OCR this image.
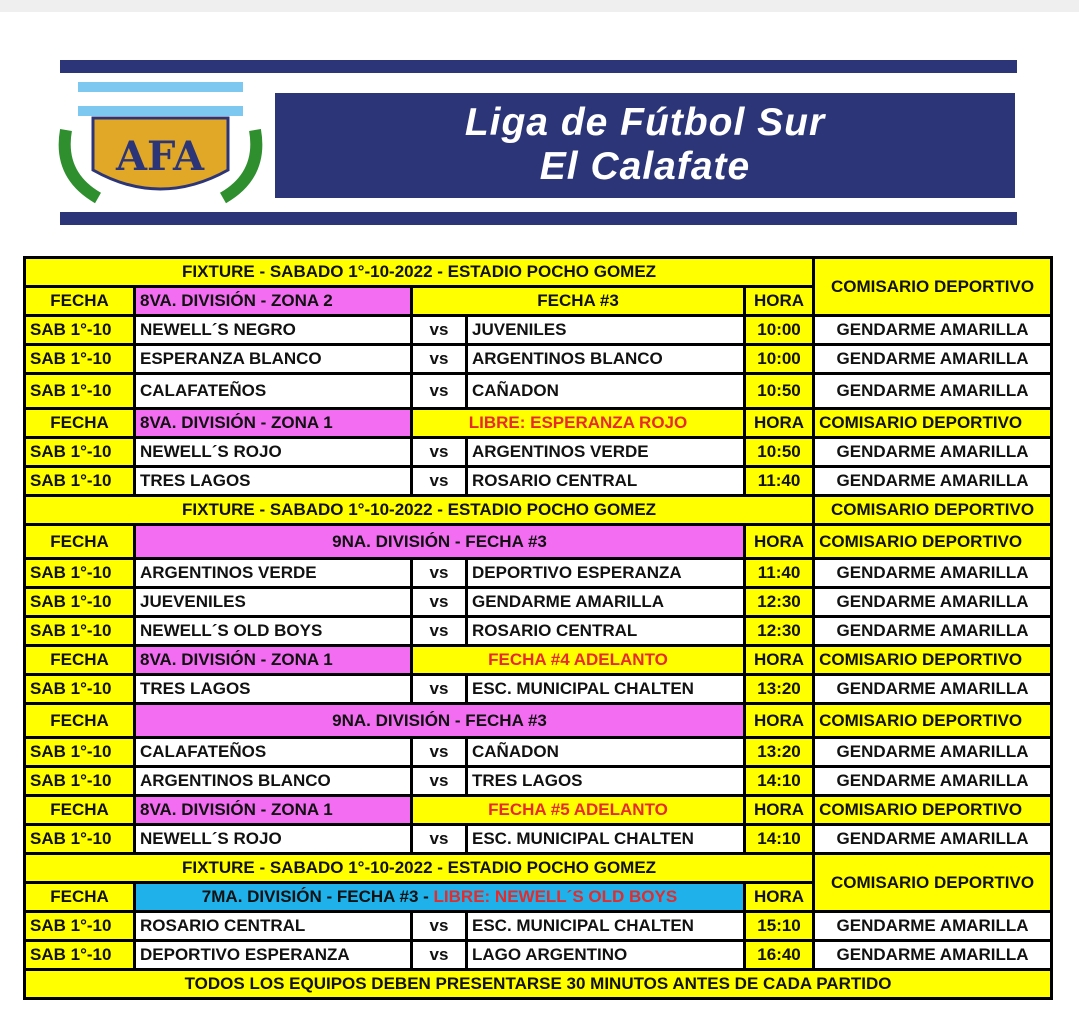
AFA
Liga de Fútbol Sur
El Calafate
FIXTURE - SABADO 1°-10-2022 - ESTADIO POCHO GOMEZ					COMISARIO DEPORTIVO
FECHA	8VA. DIVISIÓN - ZONA 2	FECHA #3		HORA	
SAB 1°-10	NEWELL´S NEGRO	vs	JUVENILES	10:00	GENDARME AMARILLA
SAB 1°-10	ESPERANZA BLANCO	vs	ARGENTINOS BLANCO	10:00	GENDARME AMARILLA
SAB 1°-10	CALAFATEÑOS	vs	CAÑADON	10:50	GENDARME AMARILLA
FECHA	8VA. DIVISIÓN - ZONA 1	LIBRE: ESPERANZA ROJO		HORA	COMISARIO DEPORTIVO
SAB 1°-10	NEWELL´S ROJO	vs	ARGENTINOS VERDE	10:50	GENDARME AMARILLA
SAB 1°-10	TRES LAGOS	vs	ROSARIO CENTRAL	11:40	GENDARME AMARILLA
FIXTURE - SABADO 1°-10-2022 - ESTADIO POCHO GOMEZ					COMISARIO DEPORTIVO
FECHA	9NA. DIVISIÓN - FECHA #3			HORA	COMISARIO DEPORTIVO
SAB 1°-10	ARGENTINOS VERDE	vs	DEPORTIVO ESPERANZA	11:40	GENDARME AMARILLA
SAB 1°-10	JUEVENILES	vs	GENDARME AMARILLA	12:30	GENDARME AMARILLA
SAB 1°-10	NEWELL´S OLD BOYS	vs	ROSARIO CENTRAL	12:30	GENDARME AMARILLA
FECHA	8VA. DIVISIÓN - ZONA 1	FECHA #4 ADELANTO		HORA	COMISARIO DEPORTIVO
SAB 1°-10	TRES LAGOS	vs	ESC. MUNICIPAL CHALTEN	13:20	GENDARME AMARILLA
FECHA	9NA. DIVISIÓN - FECHA #3			HORA	COMISARIO DEPORTIVO
SAB 1°-10	CALAFATEÑOS	vs	CAÑADON	13:20	GENDARME AMARILLA
SAB 1°-10	ARGENTINOS BLANCO	vs	TRES LAGOS	14:10	GENDARME AMARILLA
FECHA	8VA. DIVISIÓN - ZONA 1	FECHA #5 ADELANTO		HORA	COMISARIO DEPORTIVO
SAB 1°-10	NEWELL´S ROJO	vs	ESC. MUNICIPAL CHALTEN	14:10	GENDARME AMARILLA
FIXTURE - SABADO 1°-10-2022 - ESTADIO POCHO GOMEZ					COMISARIO DEPORTIVO
FECHA	7MA. DIVISIÓN - FECHA #3 - LIBRE: NEWELL´S OLD BOYS			HORA	
SAB 1°-10	ROSARIO CENTRAL	vs	ESC. MUNICIPAL CHALTEN	15:10	GENDARME AMARILLA
SAB 1°-10	DEPORTIVO ESPERANZA	vs	LAGO ARGENTINO	16:40	GENDARME AMARILLA
TODOS LOS EQUIPOS DEBEN PRESENTARSE 30 MINUTOS ANTES DE CADA PARTIDO					
